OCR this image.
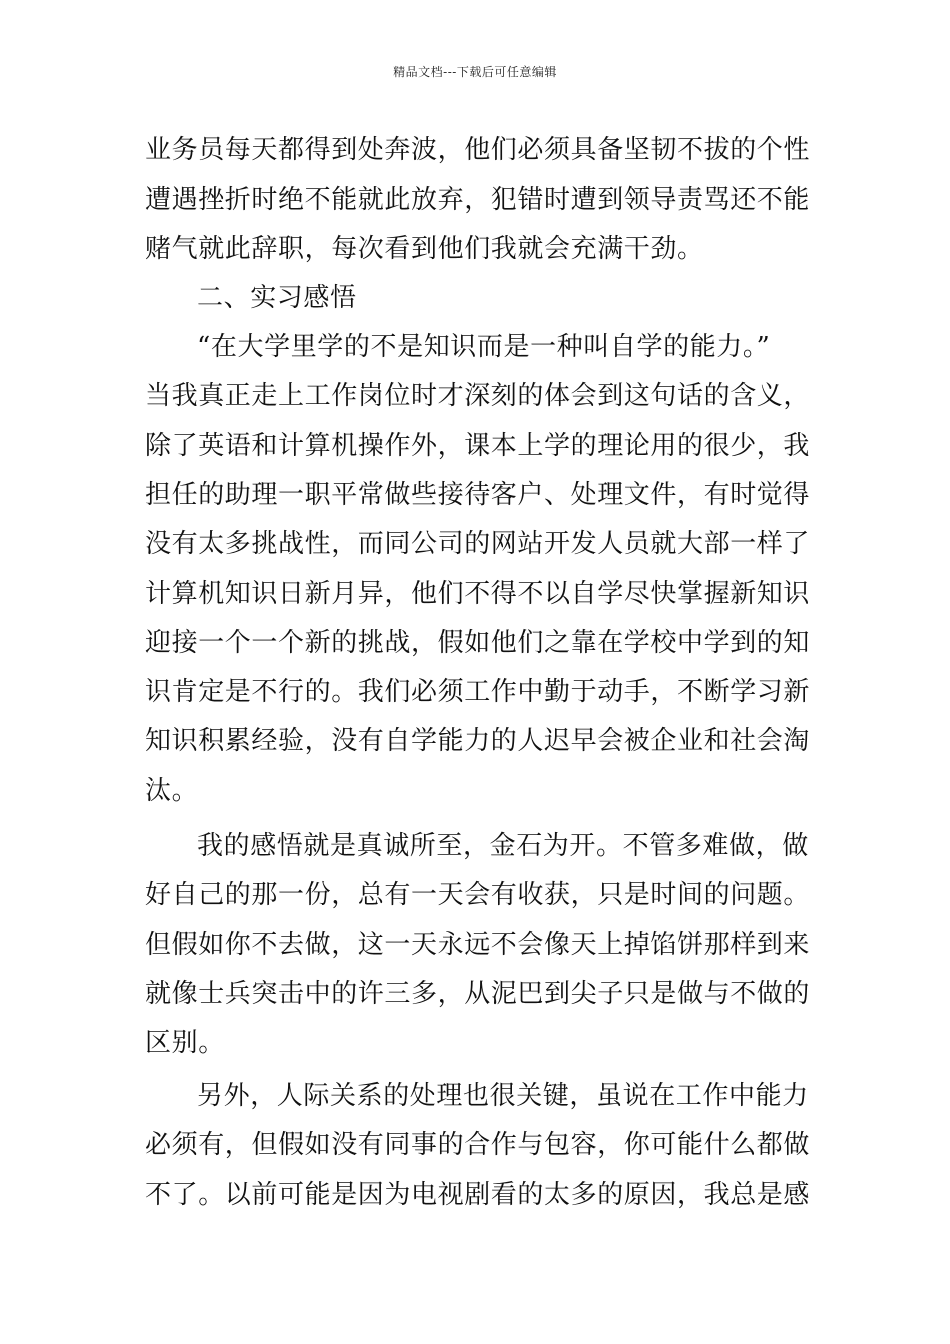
精品文档---下载后可任意编辑
业务员每天都得到处奔波，他们必须具备坚韧不拔的个性
遭遇挫折时绝不能就此放弃，犯错时遭到领导责骂还不能
赌气就此辞职，每次看到他们我就会充满干劲。
二、实习感悟
“在大学里学的不是知识而是一种叫自学的能力。”
当我真正走上工作岗位时才深刻的体会到这句话的含义，
除了英语和计算机操作外，课本上学的理论用的很少，我
担任的助理一职平常做些接待客户、处理文件，有时觉得
没有太多挑战性，而同公司的网站开发人员就大部一样了
计算机知识日新月异，他们不得不以自学尽快掌握新知识
迎接一个一个新的挑战，假如他们之靠在学校中学到的知
识肯定是不行的。我们必须工作中勤于动手，不断学习新
知识积累经验，没有自学能力的人迟早会被企业和社会淘
汰。
我的感悟就是真诚所至，金石为开。不管多难做，做
好自己的那一份，总有一天会有收获，只是时间的问题。
但假如你不去做，这一天永远不会像天上掉馅饼那样到来
就像士兵突击中的许三多，从泥巴到尖子只是做与不做的
区别。
另外，人际关系的处理也很关键，虽说在工作中能力
必须有，但假如没有同事的合作与包容，你可能什么都做
不了。以前可能是因为电视剧看的太多的原因，我总是感
